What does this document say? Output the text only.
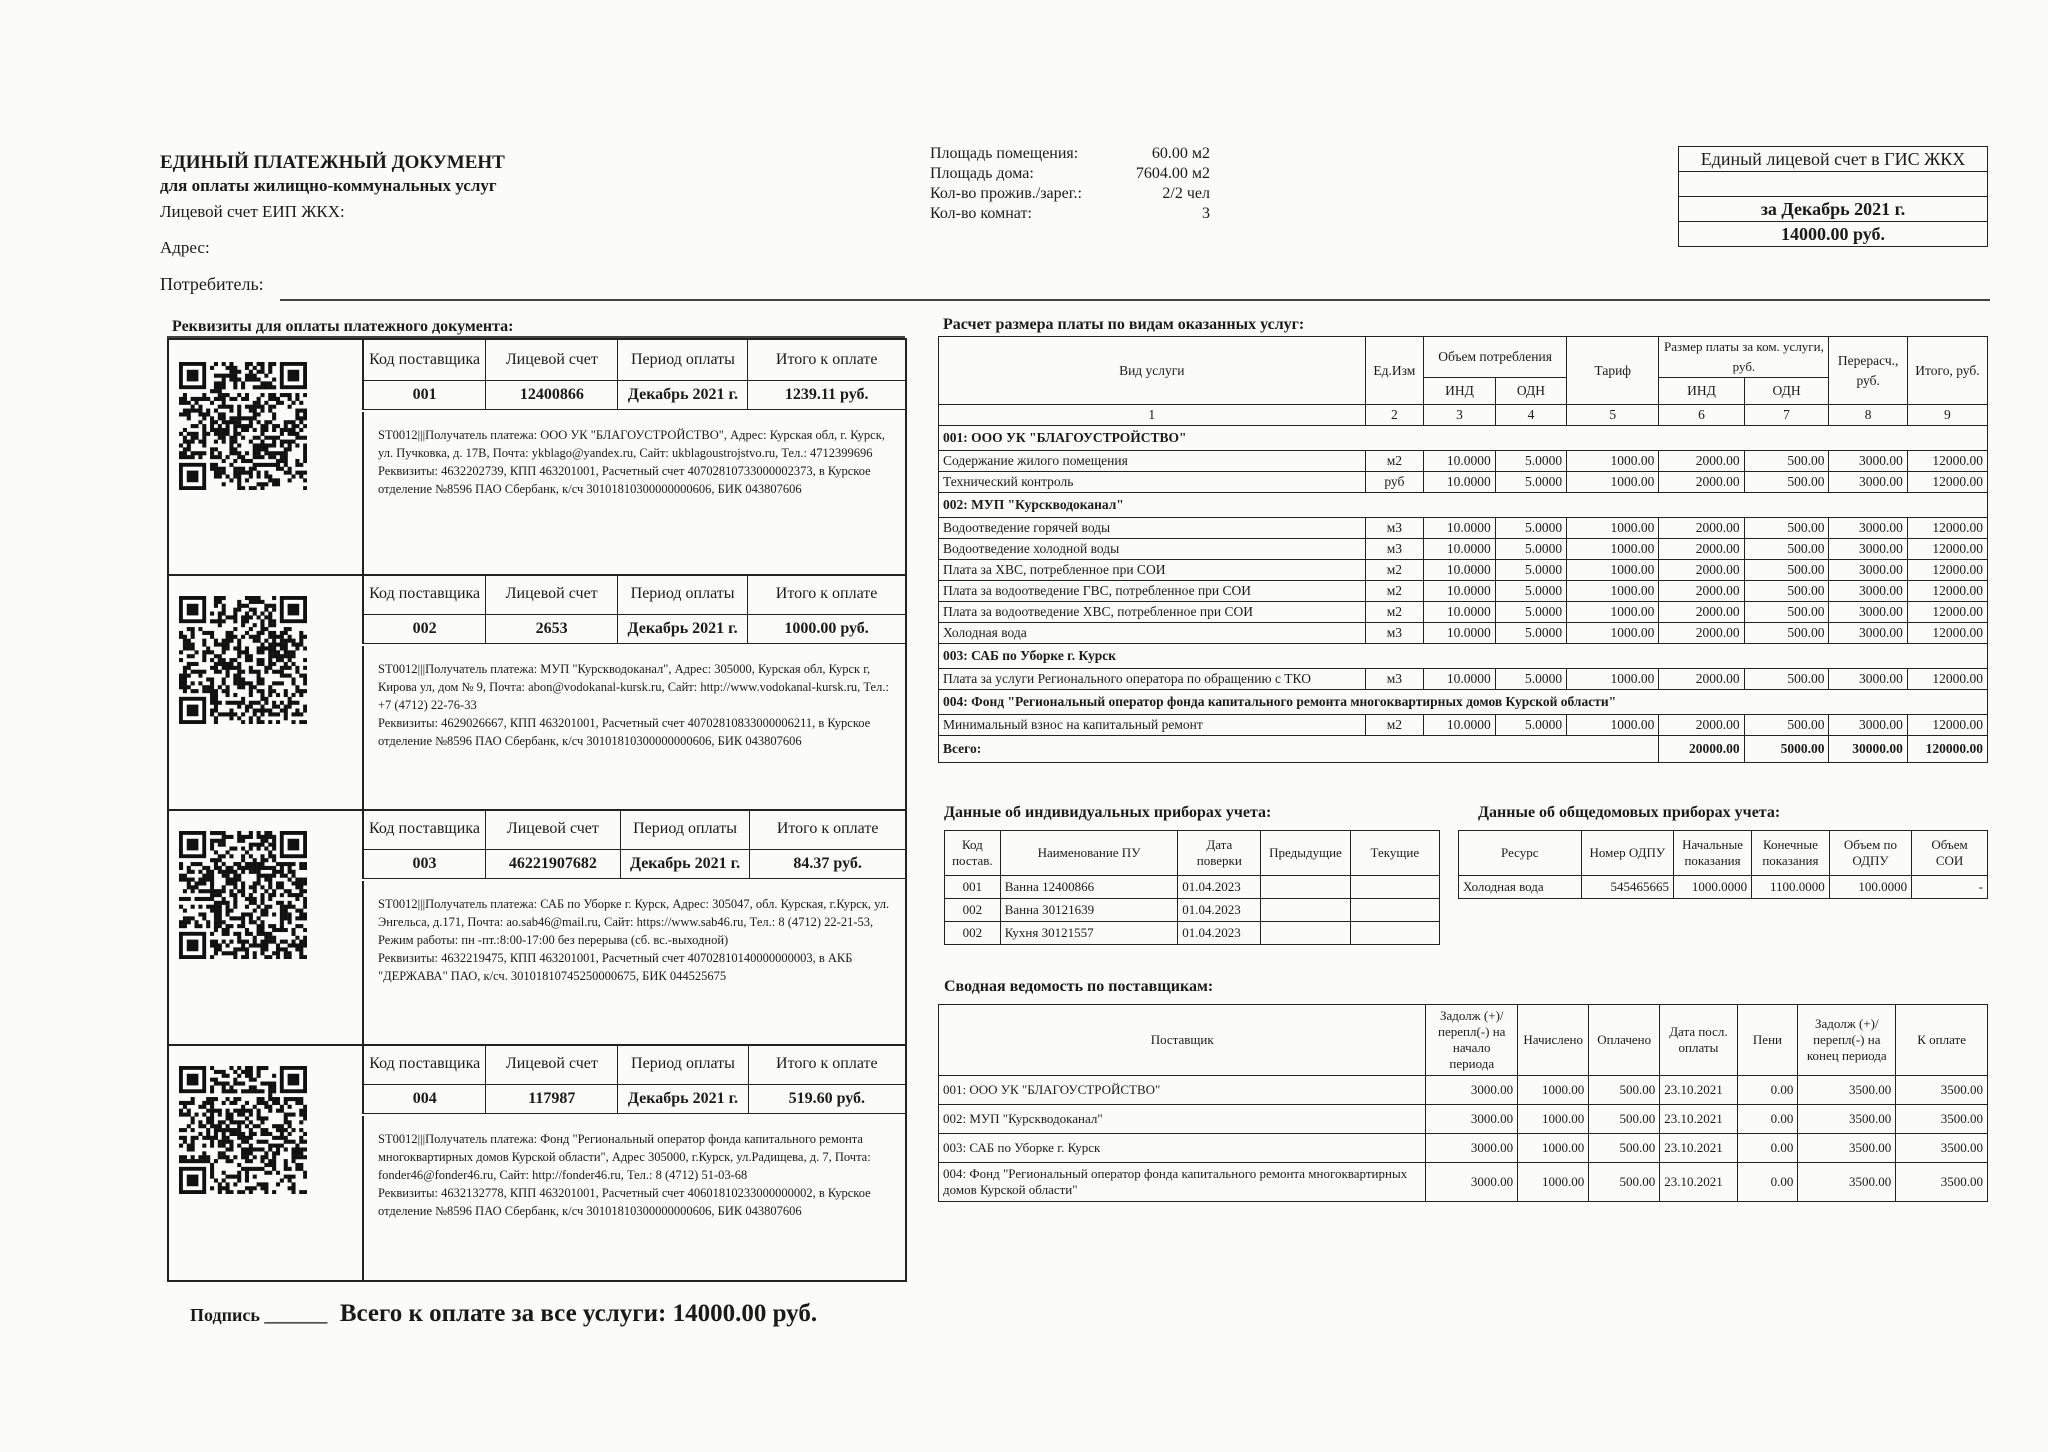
ЕДИНЫЙ ПЛАТЕЖНЫЙ ДОКУМЕНТ
для оплаты жилищно-коммунальных услуг
Лицевой счет ЕИП ЖКХ:
Адрес:
Потребитель:
Площадь помещения:	60.00 м2
Площадь дома:	7604.00 м2
Кол-во прожив./зарег.:	2/2 чел
Кол-во комнат:	3
Единый лицевой счет в ГИС ЖКХ
за Декабрь 2021 г.
14000.00 руб.
Реквизиты для оплаты платежного документа:
Код поставщика	Лицевой счет	Период оплаты	Итого к оплате
001	12400866	Декабрь 2021 г.	1239.11 руб.
ST0012|||Получатель платежа: ООО УК "БЛАГОУСТРОЙСТВО", Адрес: Курская обл, г. Курск, ул. Пучковка, д. 17В, Почта: ykblago@yandex.ru, Сайт: ukblagoustrojstvo.ru, Тел.: 4712399696
Реквизиты: 4632202739, КПП 463201001, Расчетный счет 40702810733000002373, в Курское отделение №8596 ПАО Сбербанк, к/сч 30101810300000000606, БИК 043807606
Код поставщика	Лицевой счет	Период оплаты	Итого к оплате
002	2653	Декабрь 2021 г.	1000.00 руб.
ST0012|||Получатель платежа: МУП "Курскводоканал", Адрес: 305000, Курская обл, Курск г, Кирова ул, дом № 9, Почта: abon@vodokanal-kursk.ru, Сайт: http://www.vodokanal-kursk.ru, Тел.: +7 (4712) 22-76-33
Реквизиты: 4629026667, КПП 463201001, Расчетный счет 40702810833000006211, в Курское отделение №8596 ПАО Сбербанк, к/сч 30101810300000000606, БИК 043807606
Код поставщика	Лицевой счет	Период оплаты	Итого к оплате
003	46221907682	Декабрь 2021 г.	84.37 руб.
ST0012|||Получатель платежа: САБ по Уборке г. Курск, Адрес: 305047, обл. Курская, г.Курск, ул. Энгельса, д.171, Почта: ao.sab46@mail.ru, Сайт: https://www.sab46.ru, Тел.: 8 (4712) 22-21-53, Режим работы: пн -пт.:8:00-17:00 без перерыва (сб. вс.-выходной)
Реквизиты: 4632219475, КПП 463201001, Расчетный счет 40702810140000000003, в АКБ "ДЕРЖАВА" ПАО, к/сч. 30101810745250000675, БИК 044525675
Код поставщика	Лицевой счет	Период оплаты	Итого к оплате
004	117987	Декабрь 2021 г.	519.60 руб.
ST0012|||Получатель платежа: Фонд "Региональный оператор фонда капитального ремонта многоквартирных домов Курской области", Адрес 305000, г.Курск, ул.Радищева, д. 7, Почта: fonder46@fonder46.ru, Сайт: http://fonder46.ru, Тел.: 8 (4712) 51-03-68
Реквизиты: 4632132778, КПП 463201001, Расчетный счет 40601810233000000002, в Курское отделение №8596 ПАО Сбербанк, к/сч 30101810300000000606, БИК 043807606
Расчет размера платы по видам оказанных услуг:
Вид услуги	Ед.Изм	Объем потребления		Тариф	Размер платы за ком. услуги, руб.		Перерасч., руб.	Итого, руб.
		ИНД	ОДН		ИНД	ОДН		
1	2	3	4	5	6	7	8	9
001: ООО УК "БЛАГОУСТРОЙСТВО"								
Содержание жилого помещения	м2	10.0000	5.0000	1000.00	2000.00	500.00	3000.00	12000.00
Технический контроль	руб	10.0000	5.0000	1000.00	2000.00	500.00	3000.00	12000.00
002: МУП "Курскводоканал"								
Водоотведение горячей воды	м3	10.0000	5.0000	1000.00	2000.00	500.00	3000.00	12000.00
Водоотведение холодной воды	м3	10.0000	5.0000	1000.00	2000.00	500.00	3000.00	12000.00
Плата за ХВС, потребленное при СОИ	м2	10.0000	5.0000	1000.00	2000.00	500.00	3000.00	12000.00
Плата за водоотведение ГВС, потребленное при СОИ	м2	10.0000	5.0000	1000.00	2000.00	500.00	3000.00	12000.00
Плата за водоотведение ХВС, потребленное при СОИ	м2	10.0000	5.0000	1000.00	2000.00	500.00	3000.00	12000.00
Холодная вода	м3	10.0000	5.0000	1000.00	2000.00	500.00	3000.00	12000.00
003: САБ по Уборке г. Курск								
Плата за услуги Регионального оператора по обращению с ТКО	м3	10.0000	5.0000	1000.00	2000.00	500.00	3000.00	12000.00
004: Фонд "Региональный оператор фонда капитального ремонта многоквартирных домов Курской области"								
Минимальный взнос на капитальный ремонт	м2	10.0000	5.0000	1000.00	2000.00	500.00	3000.00	12000.00
Всего:					20000.00	5000.00	30000.00	120000.00
Данные об индивидуальных приборах учета:
Код постав.	Наименование ПУ	Дата поверки	Предыдущие	Текущие
001	Ванна 12400866	01.04.2023		
002	Ванна 30121639	01.04.2023		
002	Кухня 30121557	01.04.2023		
Данные об общедомовых приборах учета:
Ресурс	Номер ОДПУ	Начальные показания	Конечные показания	Объем по ОДПУ	Объем СОИ
Холодная вода	545465665	1000.0000	1100.0000	100.0000	-
Сводная ведомость по поставщикам:
Поставщик	Задолж (+)/ перепл(-) на начало периода	Начислено	Оплачено	Дата посл. оплаты	Пени	Задолж (+)/ перепл(-) на конец периода	К оплате
001: ООО УК "БЛАГОУСТРОЙСТВО"	3000.00	1000.00	500.00	23.10.2021	0.00	3500.00	3500.00
002: МУП "Курскводоканал"	3000.00	1000.00	500.00	23.10.2021	0.00	3500.00	3500.00
003: САБ по Уборке г. Курск	3000.00	1000.00	500.00	23.10.2021	0.00	3500.00	3500.00
004: Фонд "Региональный оператор фонда капитального ремонта многоквартирных домов Курской области"	3000.00	1000.00	500.00	23.10.2021	0.00	3500.00	3500.00
Подпись _______ Всего к оплате за все услуги: 14000.00 руб.
